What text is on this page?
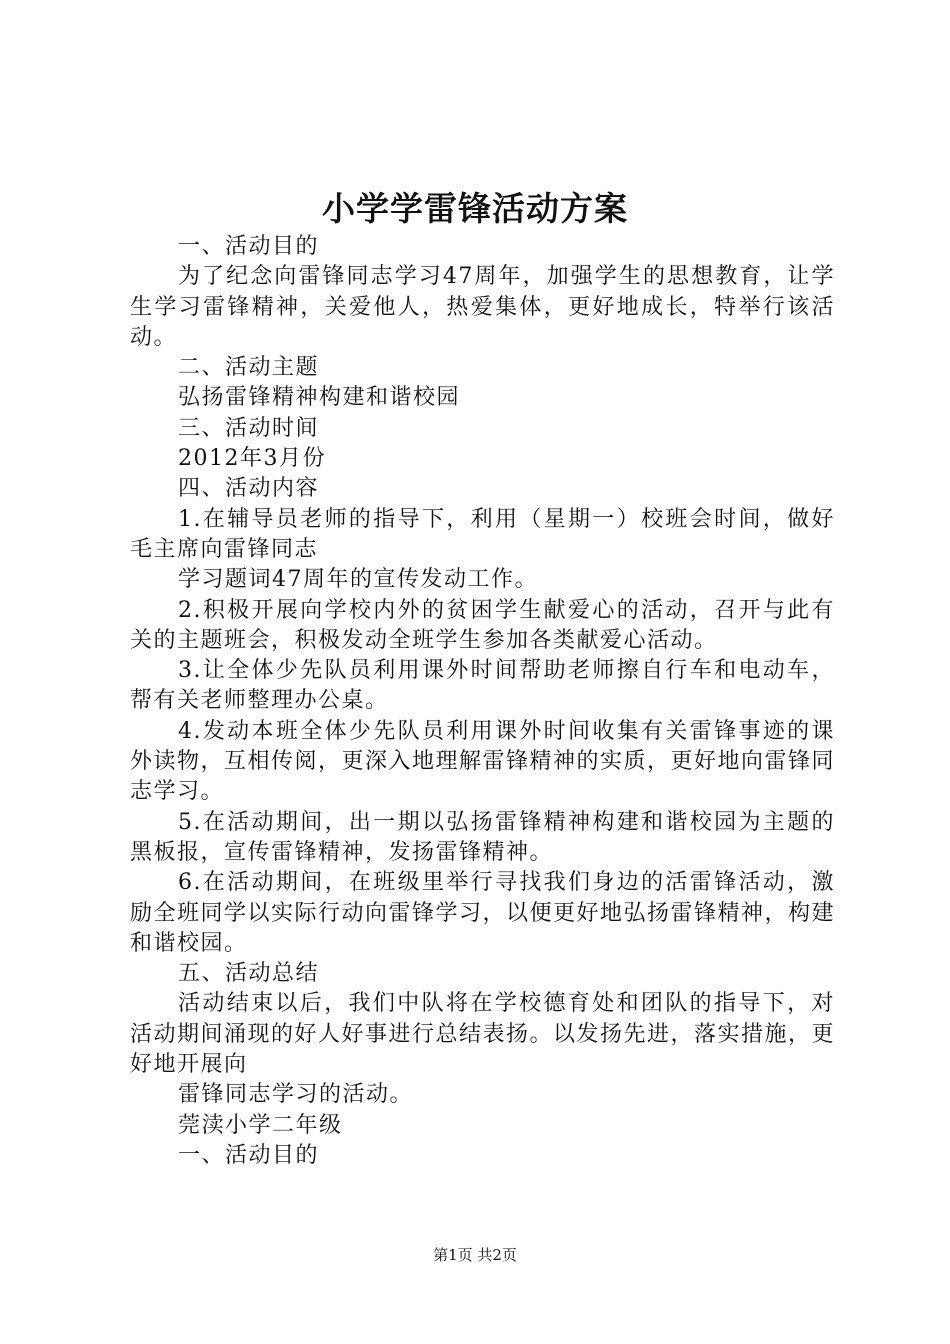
小学学雷锋活动方案

一、活动目的

为了纪念向雷锋同志学习47周年，加强学生的思想教育，让学生学习雷锋精神，关爱他人，热爱集体，更好地成长，特举行该活动。

二、活动主题

弘扬雷锋精神构建和谐校园

三、活动时间

2012年3月份

四、活动内容

1.在辅导员老师的指导下，利用（星期一）校班会时间，做好毛主席向雷锋同志

学习题词47周年的宣传发动工作。

2.积极开展向学校内外的贫困学生献爱心的活动，召开与此有关的主题班会，积极发动全班学生参加各类献爱心活动。

3.让全体少先队员利用课外时间帮助老师擦自行车和电动车，帮有关老师整理办公桌。

4.发动本班全体少先队员利用课外时间收集有关雷锋事迹的课外读物，互相传阅，更深入地理解雷锋精神的实质，更好地向雷锋同志学习。

5.在活动期间，出一期以弘扬雷锋精神构建和谐校园为主题的黑板报，宣传雷锋精神，发扬雷锋精神。

6.在活动期间，在班级里举行寻找我们身边的活雷锋活动，激励全班同学以实际行动向雷锋学习，以便更好地弘扬雷锋精神，构建和谐校园。

五、活动总结

活动结束以后，我们中队将在学校德育处和团队的指导下，对活动期间涌现的好人好事进行总结表扬。以发扬先进，落实措施，更好地开展向

雷锋同志学习的活动。

莞渎小学二年级

一、活动目的

第1页 共2页
